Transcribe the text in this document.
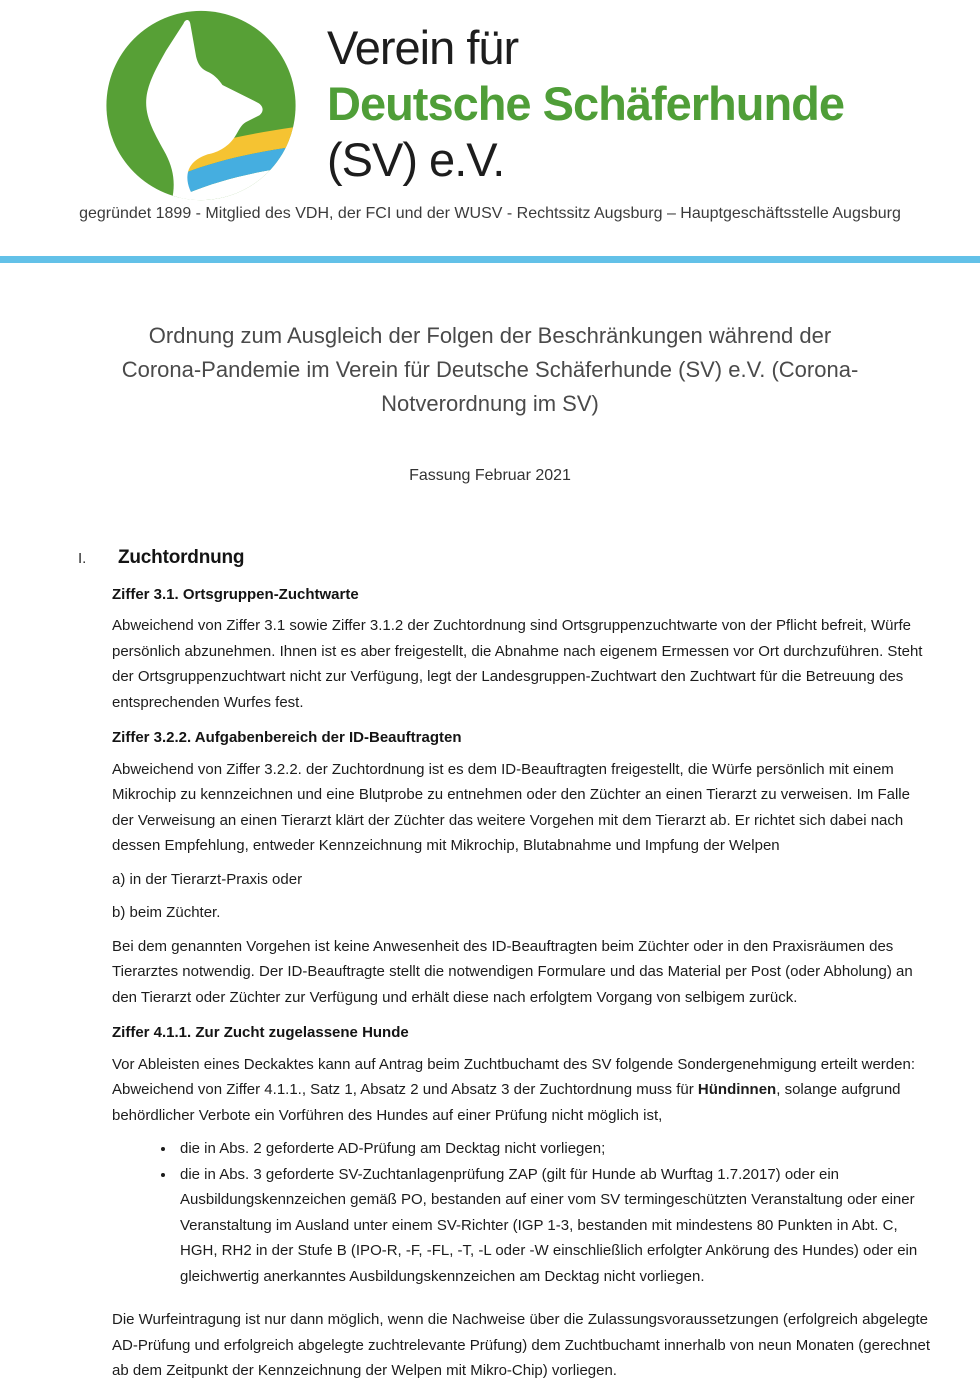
Verein für
Deutsche Schäferhunde
(SV) e.V.
gegründet 1899 - Mitglied des VDH, der FCI und der WUSV - Rechtssitz Augsburg – Hauptgeschäftsstelle Augsburg
Ordnung zum Ausgleich der Folgen der Beschränkungen während der Corona-Pandemie im Verein für Deutsche Schäferhunde (SV) e.V. (Corona-Notverordnung im SV)
Fassung Februar 2021
I.	Zuchtordnung
Ziffer 3.1. Ortsgruppen-Zuchtwarte

Abweichend von Ziffer 3.1 sowie Ziffer 3.1.2 der Zuchtordnung sind Ortsgruppenzuchtwarte von der Pflicht befreit, Würfe persönlich abzunehmen. Ihnen ist es aber freigestellt, die Abnahme nach eigenem Ermessen vor Ort durchzuführen. Steht der Ortsgruppenzuchtwart nicht zur Verfügung, legt der Landesgruppen-Zuchtwart den Zuchtwart für die Betreuung des entsprechenden Wurfes fest.

Ziffer 3.2.2. Aufgabenbereich der ID-Beauftragten

Abweichend von Ziffer 3.2.2. der Zuchtordnung ist es dem ID-Beauftragten freigestellt, die Würfe persönlich mit einem Mikrochip zu kennzeichnen und eine Blutprobe zu entnehmen oder den Züchter an einen Tierarzt zu verweisen. Im Falle der Verweisung an einen Tierarzt klärt der Züchter das weitere Vorgehen mit dem Tierarzt ab. Er richtet sich dabei nach dessen Empfehlung, entweder Kennzeichnung mit Mikrochip, Blutabnahme und Impfung der Welpen

a) in der Tierarzt-Praxis oder

b) beim Züchter.

Bei dem genannten Vorgehen ist keine Anwesenheit des ID-Beauftragten beim Züchter oder in den Praxisräumen des Tierarztes notwendig. Der ID-Beauftragte stellt die notwendigen Formulare und das Material per Post (oder Abholung) an den Tierarzt oder Züchter zur Verfügung und erhält diese nach erfolgtem Vorgang von selbigem zurück.

Ziffer 4.1.1. Zur Zucht zugelassene Hunde

Vor Ableisten eines Deckaktes kann auf Antrag beim Zuchtbuchamt des SV folgende Sondergenehmigung erteilt werden:
Abweichend von Ziffer 4.1.1., Satz 1, Absatz 2 und Absatz 3 der Zuchtordnung muss für Hündinnen, solange aufgrund behördlicher Verbote ein Vorführen des Hundes auf einer Prüfung nicht möglich ist,

• die in Abs. 2 geforderte AD-Prüfung am Decktag nicht vorliegen;
• die in Abs. 3 geforderte SV-Zuchtanlagenprüfung ZAP (gilt für Hunde ab Wurftag 1.7.2017) oder ein Ausbildungskennzeichen gemäß PO, bestanden auf einer vom SV termingeschützten Veranstaltung oder einer Veranstaltung im Ausland unter einem SV-Richter (IGP 1-3, bestanden mit mindestens 80 Punkten in Abt. C, HGH, RH2 in der Stufe B (IPO-R, -F, -FL, -T, -L oder -W einschließlich erfolgter Ankörung des Hundes) oder ein gleichwertig anerkanntes Ausbildungskennzeichen am Decktag nicht vorliegen.

Die Wurfeintragung ist nur dann möglich, wenn die Nachweise über die Zulassungsvoraussetzungen (erfolgreich abgelegte AD-Prüfung und erfolgreich abgelegte zuchtrelevante Prüfung) dem Zuchtbuchamt innerhalb von neun Monaten (gerechnet ab dem Zeitpunkt der Kennzeichnung der Welpen mit Mikro-Chip) vorliegen.
